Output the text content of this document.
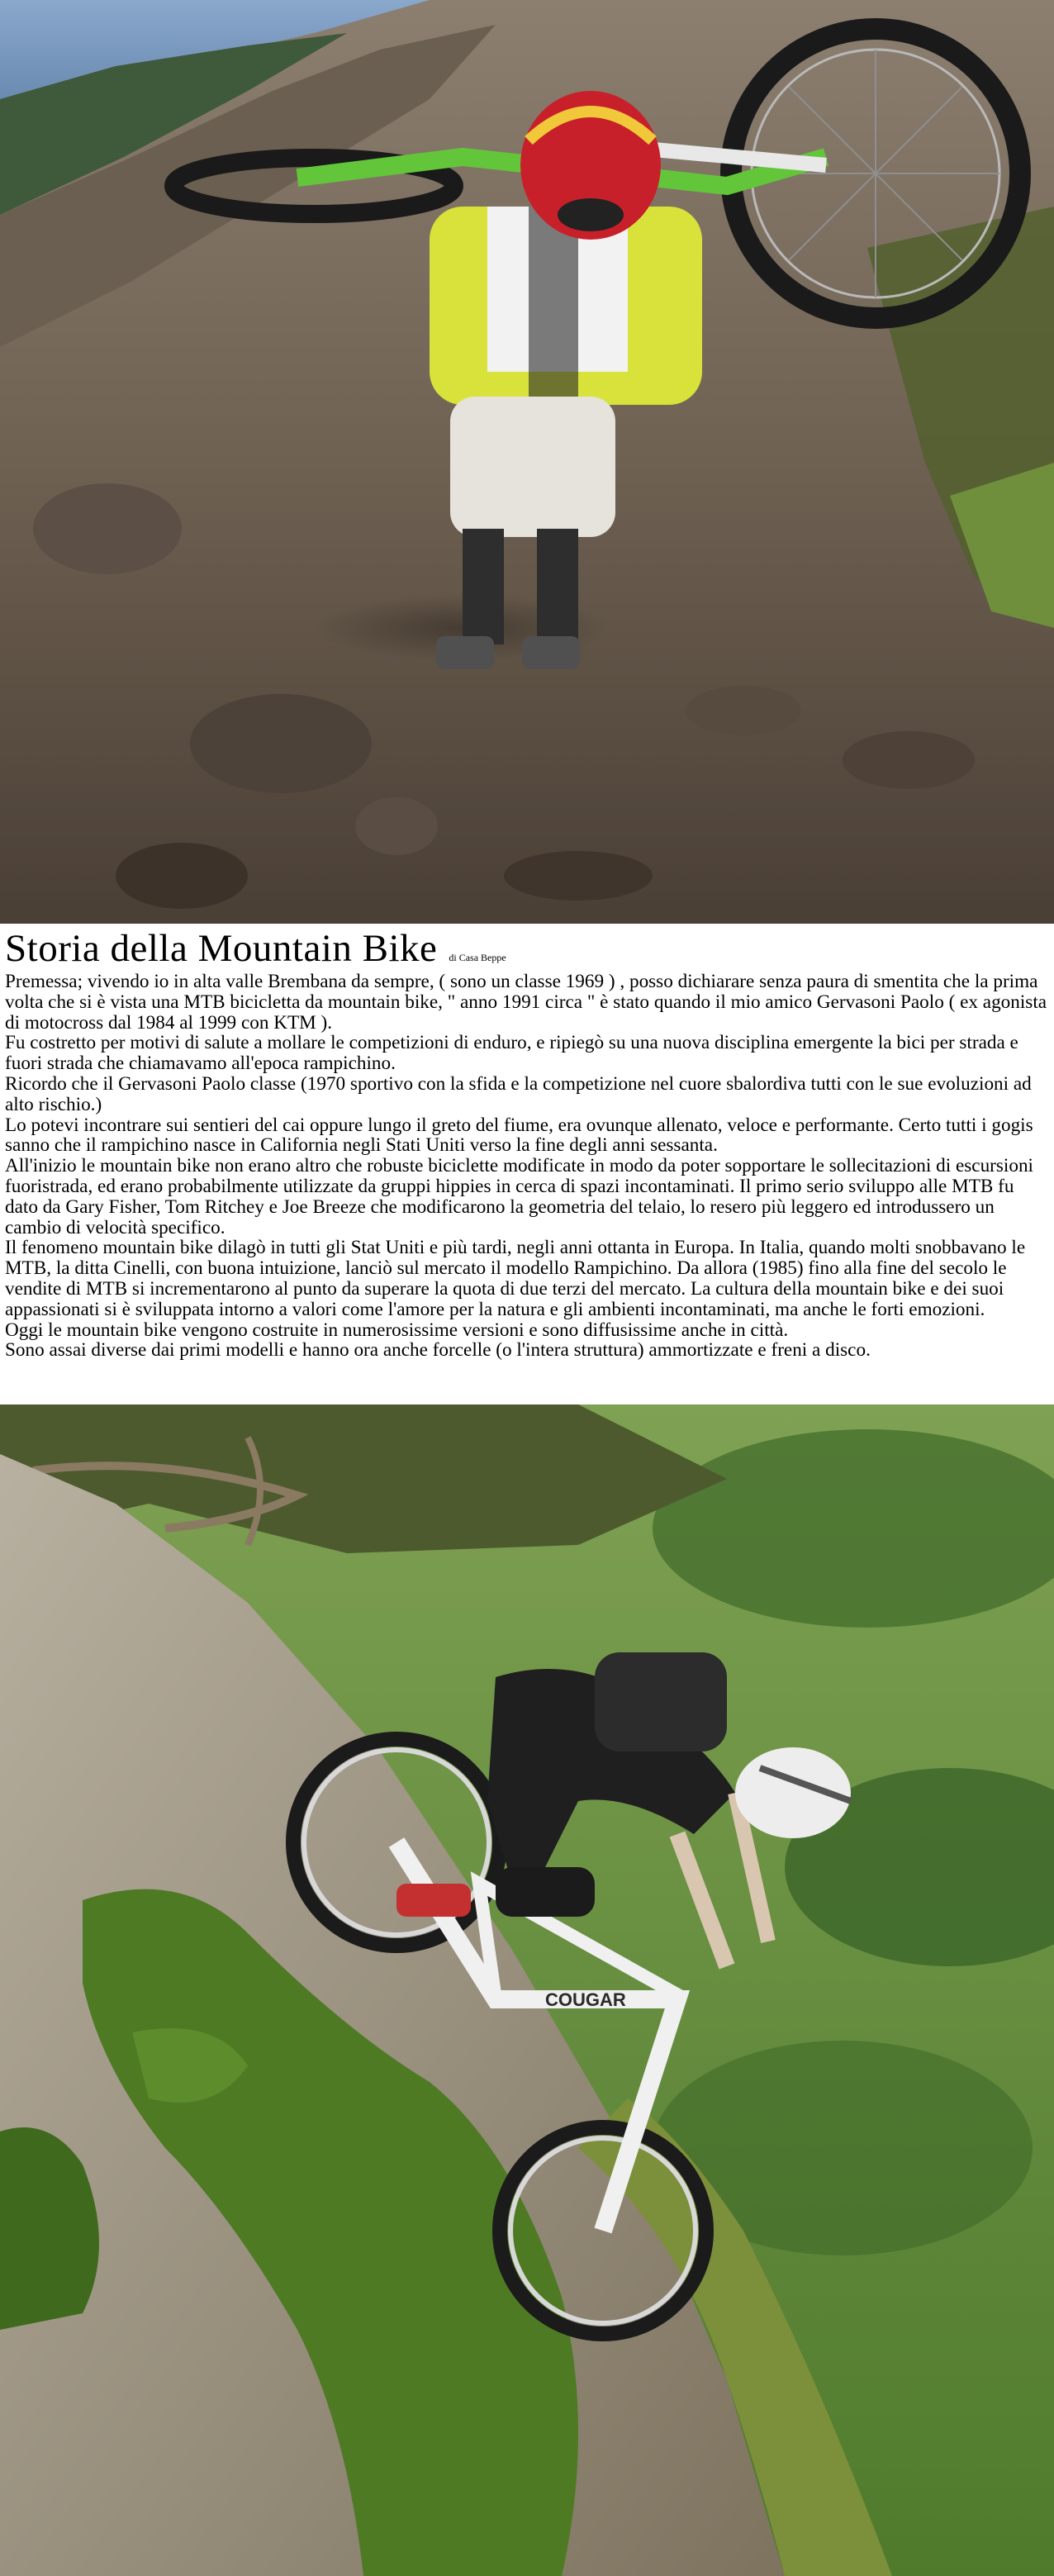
Storia della Mountain Bike di Casa Beppe

Premessa; vivendo io in alta valle Brembana da sempre, ( sono un classe 1969 ) , posso dichiarare senza paura di smentita che la prima volta che si è vista una MTB bicicletta da mountain bike, " anno 1991 circa " è stato quando il mio amico Gervasoni Paolo ( ex agonista di motocross dal 1984 al 1999 con KTM ).

Fu costretto per motivi di salute a mollare le competizioni di enduro, e ripiegò su una nuova disciplina emergente la bici per strada e fuori strada che chiamavamo all'epoca rampichino.

Ricordo che il Gervasoni Paolo classe (1970 sportivo con la sfida e la competizione nel cuore sbalordiva tutti con le sue evoluzioni ad alto rischio.)

Lo potevi incontrare sui sentieri del cai oppure lungo il greto del fiume, era ovunque allenato, veloce e performante. Certo tutti i gogis sanno che il rampichino nasce in California negli Stati Uniti verso la fine degli anni sessanta.

All'inizio le mountain bike non erano altro che robuste biciclette modificate in modo da poter sopportare le sollecitazioni di escursioni fuoristrada, ed erano probabilmente utilizzate da gruppi hippies in cerca di spazi incontaminati. Il primo serio sviluppo alle MTB fu dato da Gary Fisher, Tom Ritchey e Joe Breeze che modificarono la geometria del telaio, lo resero più leggero ed introdussero un cambio di velocità specifico.

Il fenomeno mountain bike dilagò in tutti gli Stat Uniti e più tardi, negli anni ottanta in Europa. In Italia, quando molti snobbavano le MTB, la ditta Cinelli, con buona intuizione, lanciò sul mercato il modello Rampichino. Da allora (1985) fino alla fine del secolo le vendite di MTB si incrementarono al punto da superare la quota di due terzi del mercato. La cultura della mountain bike e dei suoi appassionati si è sviluppata intorno a valori come l'amore per la natura e gli ambienti incontaminati, ma anche le forti emozioni.

Oggi le mountain bike vengono costruite in numerosissime versioni e sono diffusissime anche in città.

Sono assai diverse dai primi modelli e hanno ora anche forcelle (o l'intera struttura) ammortizzate e freni a disco.

COUGAR
